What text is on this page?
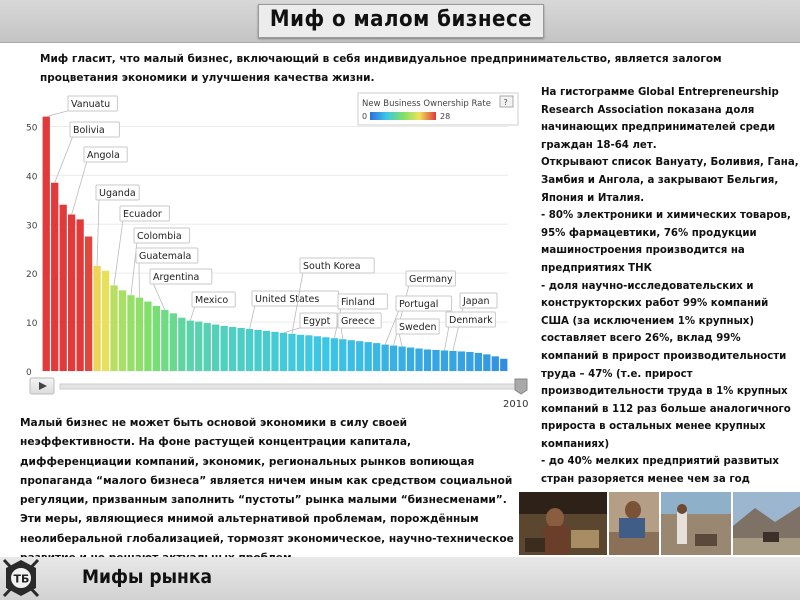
Миф о малом бизнесе
Миф гласит, что малый бизнес, включающий в себя индивидуальное предпринимательство, является залогом процветания экономики и улучшения качества жизни.
Vanuatu
Bolivia
Angola
Uganda
Ecuador
Colombia
Guatemala
Argentina
Mexico	United States
South Korea
Egypt
Finland
Greece
Germany
Portugal
Sweden
Japan
Denmark
0
10
20
30
40
50
New Business Ownership Rate ?
0	28
2010

На гистограмме Global Entrepreneurship Research Association показана доля начинающих предпринимателей среди граждан 18-64 лет.

Открывают список Вануату, Боливия, Гана, Замбия и Ангола, а закрывают Бельгия, Япония и Италия.

- 80% электроники и химических товаров, 95% фармацевтики, 76% продукции машиностроения производится на предприятиях ТНК

- доля научно-исследовательских и конструкторских работ 99% компаний США (за исключением 1% крупных) составляет всего 26%, вклад 99% компаний в прирост производительности труда – 47% (т.е. прирост производительности труда в 1% крупных компаний в 112 раз больше аналогичного прироста в остальных менее крупных компаниях)

- до 40% мелких предприятий развитых стран разоряется менее чем за год

Малый бизнес не может быть основой экономики в силу своей неэффективности. На фоне растущей концентрации капитала, дифференциации компаний, экономик, региональных рынков вопиющая пропаганда “малого бизнеса” является ничем иным как средством социальной регуляции, призванным заполнить “пустоты” рынка малыми “бизнесменами”. Эти меры, являющиеся мнимой альтернативой проблемам, порождённым неолиберальной глобализацией, тормозят экономическое, научно-техническое
ТБ	Мифы рынка
